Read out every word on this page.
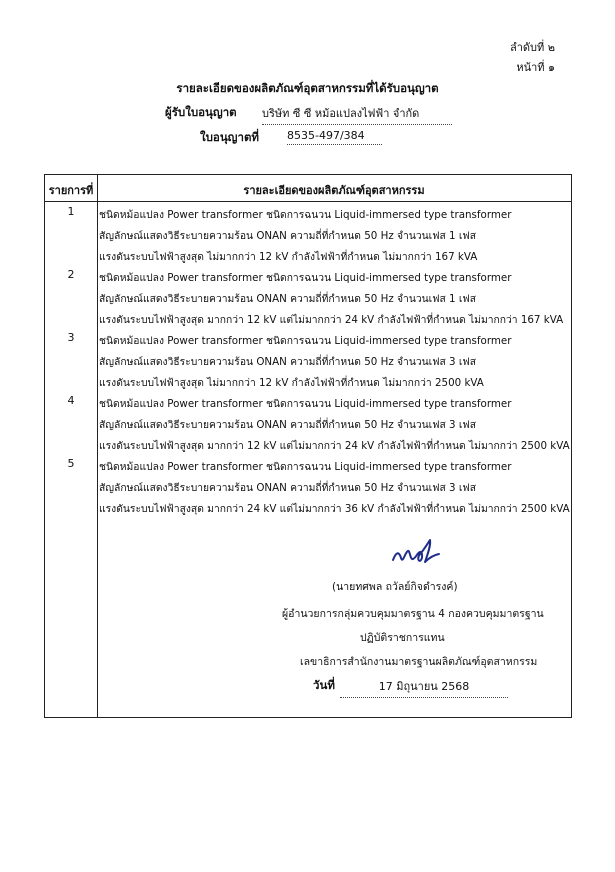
ลำดับที่ ๒
หน้าที่ ๑
รายละเอียดของผลิตภัณฑ์อุตสาหกรรมที่ได้รับอนุญาต
ผู้รับใบอนุญาต บริษัท ซี ซี หม้อแปลงไฟฟ้า จำกัด
ใบอนุญาตที่	8535-497/384
รายการที่	รายละเอียดของผลิตภัณฑ์อุตสาหกรรม
1	ชนิดหม้อแปลง Power transformer ชนิดการฉนวน Liquid-immersed type transformer
สัญลักษณ์แสดงวิธีระบายความร้อน ONAN ความถี่ที่กำหนด 50 Hz จำนวนเฟส 1 เฟส
แรงดันระบบไฟฟ้าสูงสุด ไม่มากกว่า 12 kV กำลังไฟฟ้าที่กำหนด ไม่มากกว่า 167 kVA
2	ชนิดหม้อแปลง Power transformer ชนิดการฉนวน Liquid-immersed type transformer
สัญลักษณ์แสดงวิธีระบายความร้อน ONAN ความถี่ที่กำหนด 50 Hz จำนวนเฟส 1 เฟส
แรงดันระบบไฟฟ้าสูงสุด มากกว่า 12 kV แต่ไม่มากกว่า 24 kV กำลังไฟฟ้าที่กำหนด ไม่มากกว่า 167 kVA
3	ชนิดหม้อแปลง Power transformer ชนิดการฉนวน Liquid-immersed type transformer
สัญลักษณ์แสดงวิธีระบายความร้อน ONAN ความถี่ที่กำหนด 50 Hz จำนวนเฟส 3 เฟส
แรงดันระบบไฟฟ้าสูงสุด ไม่มากกว่า 12 kV กำลังไฟฟ้าที่กำหนด ไม่มากกว่า 2500 kVA
4	ชนิดหม้อแปลง Power transformer ชนิดการฉนวน Liquid-immersed type transformer
สัญลักษณ์แสดงวิธีระบายความร้อน ONAN ความถี่ที่กำหนด 50 Hz จำนวนเฟส 3 เฟส
แรงดันระบบไฟฟ้าสูงสุด มากกว่า 12 kV แต่ไม่มากกว่า 24 kV กำลังไฟฟ้าที่กำหนด ไม่มากกว่า 2500 kVA
5	ชนิดหม้อแปลง Power transformer ชนิดการฉนวน Liquid-immersed type transformer
สัญลักษณ์แสดงวิธีระบายความร้อน ONAN ความถี่ที่กำหนด 50 Hz จำนวนเฟส 3 เฟส
แรงดันระบบไฟฟ้าสูงสุด มากกว่า 24 kV แต่ไม่มากกว่า 36 kV กำลังไฟฟ้าที่กำหนด ไม่มากกว่า 2500 kVA
(นายทศพล ถวัลย์กิจดำรงค์)
ผู้อำนวยการกลุ่มควบคุมมาตรฐาน 4 กองควบคุมมาตรฐาน
ปฏิบัติราชการแทน
เลขาธิการสำนักงานมาตรฐานผลิตภัณฑ์อุตสาหกรรม
วันที่	17 มิถุนายน 2568
